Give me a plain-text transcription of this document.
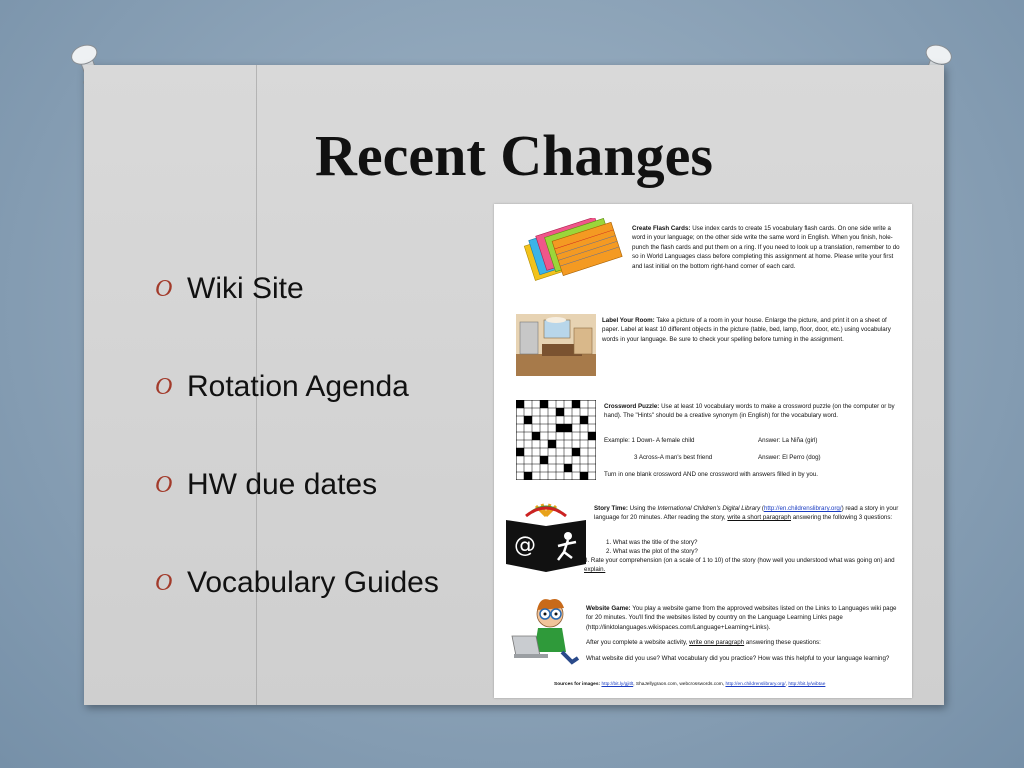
Recent Changes
O Wiki Site
O Rotation Agenda
O HW due dates
O Vocabulary Guides
Create Flash Cards: Use index cards to create 15 vocabulary flash cards. On one side write a word in your language; on the other side write the same word in English. When you finish, hole-punch the flash cards and put them on a ring. If you need to look up a translation, remember to do so in World Languages class before completing this assignment at home. Please write your first and last initial on the bottom right-hand corner of each card.
Label Your Room: Take a picture of a room in your house. Enlarge the picture, and print it on a sheet of paper. Label at least 10 different objects in the picture (table, bed, lamp, floor, door, etc.) using vocabulary words in your language. Be sure to check your spelling before turning in the assignment.
Crossword Puzzle: Use at least 10 vocabulary words to make a crossword puzzle (on the computer or by hand). The "Hints" should be a creative synonym (in English) for the vocabulary word.
Example: 1 Down- A female child	Answer: La Niña (girl)
3 Across-A man's best friend	Answer: El Perro (dog)
Turn in one blank crossword AND one crossword with answers filled in by you.
@
Story Time: Using the International Children's Digital Library (http://en.childrenslibrary.org/) read a story in your language for 20 minutes. After reading the story, write a short paragraph answering the following 3 questions:
1. What was the title of the story?
2. What was the plot of the story?
3. Rate your comprehension (on a scale of 1 to 10) of the story (how well you understood what was going on) and explain.
Website Game: You play a website game from the approved websites listed on the Links to Languages wiki page for 20 minutes. You'll find the websites listed by country on the Language Learning Links page (http://linktolanguages.wikispaces.com/Language+Learning+Links).
After you complete a website activity, write one paragraph answering these questions:
What website did you use? What vocabulary did you practice? How was this helpful to your language learning?
Sources for images: http://bit.ly/gjitlt, ShaJellygraon.com, webcrosswords.com, http://en.childrenslibrary.org/, http://bit.ly/wibtae
